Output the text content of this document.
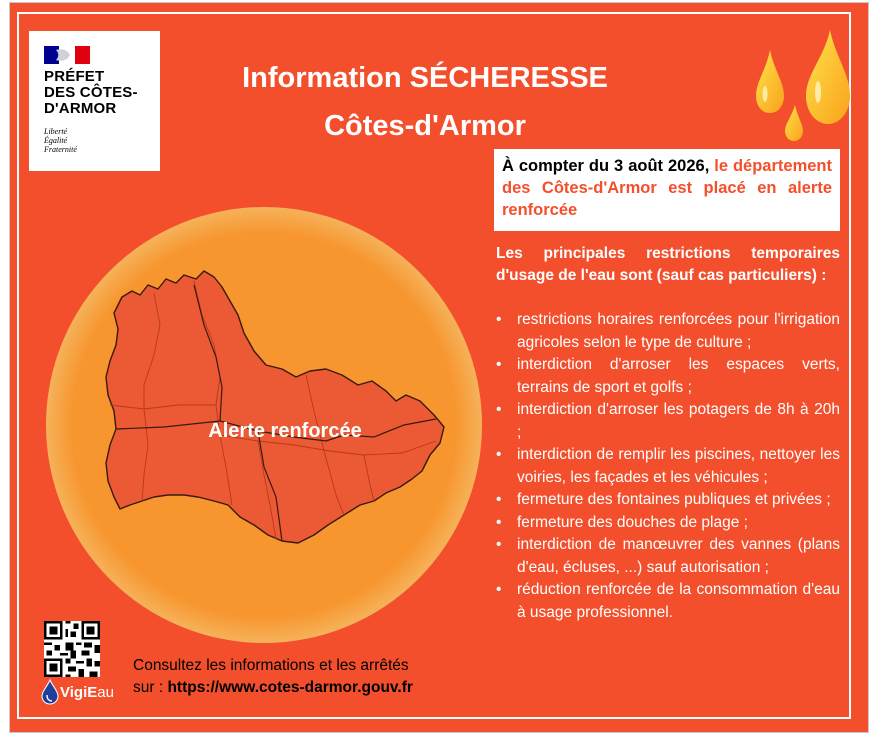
PRÉFET
DES CÔTES-
D'ARMOR
Liberté
Égalité
Fraternité
Information SÉCHERESSE
Côtes-d'Armor
À compter du 3 août 2026, le département des Côtes-d'Armor est placé en alerte renforcée
Les principales restrictions temporaires d'usage de l'eau sont (sauf cas particuliers) :
• restrictions horaires renforcées pour l'irrigation agricoles selon le type de culture ;
• interdiction d'arroser les espaces verts, terrains de sport et golfs ;
• interdiction d'arroser les potagers de 8h à 20h ;
• interdiction de remplir les piscines, nettoyer les voiries, les façades et les véhicules ;
• fermeture des fontaines publiques et privées ;
• fermeture des douches de plage ;
• interdiction de manœuvrer des vannes (plans d'eau, écluses, ...) sauf autorisation ;
• réduction renforcée de la consommation d'eau à usage professionnel.
Alerte renforcée
VigiEau
Consultez les informations et les arrêtés
sur : https://www.cotes-darmor.gouv.fr
